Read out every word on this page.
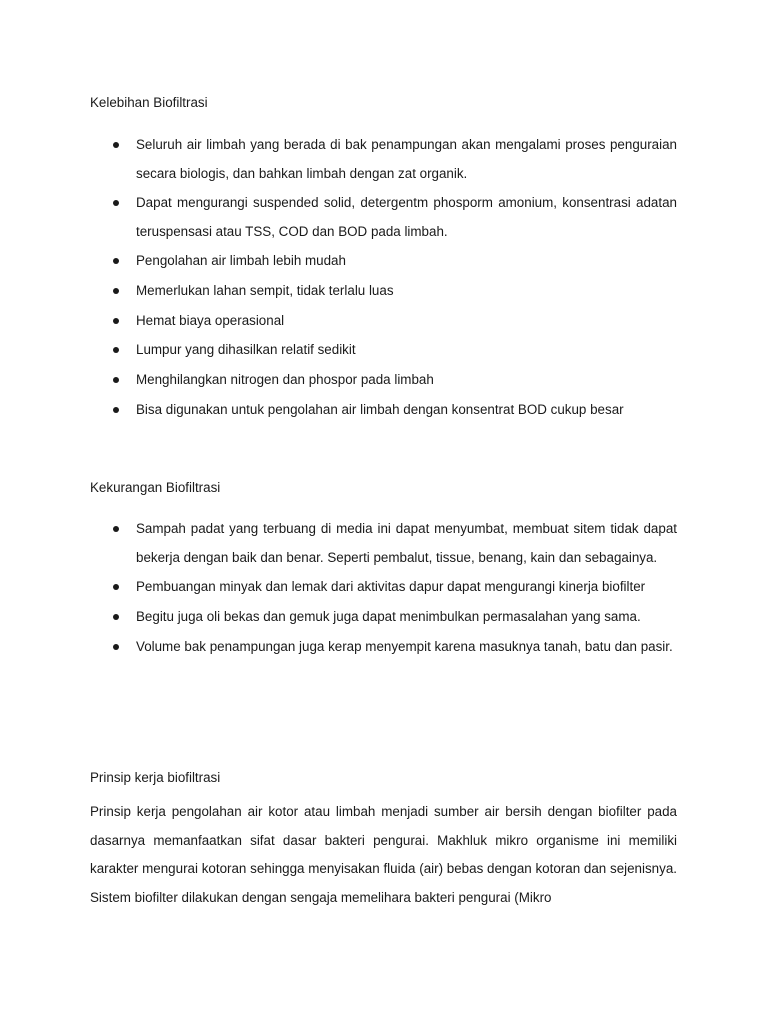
Kelebihan Biofiltrasi
Seluruh air limbah yang berada di bak penampungan akan mengalami proses penguraian secara biologis, dan bahkan limbah dengan zat organik.
Dapat mengurangi suspended solid, detergentm phosporm amonium, konsentrasi adatan teruspensasi atau TSS, COD dan BOD pada limbah.
Pengolahan air limbah lebih mudah
Memerlukan lahan sempit, tidak terlalu luas
Hemat biaya operasional
Lumpur yang dihasilkan relatif sedikit
Menghilangkan nitrogen dan phospor pada limbah
Bisa digunakan untuk pengolahan air limbah dengan konsentrat BOD cukup besar
Kekurangan Biofiltrasi
Sampah padat yang terbuang di media ini dapat menyumbat, membuat sitem tidak dapat bekerja dengan baik dan benar. Seperti pembalut, tissue, benang, kain dan sebagainya.
Pembuangan minyak dan lemak dari aktivitas dapur dapat mengurangi kinerja biofilter
Begitu juga oli bekas dan gemuk juga dapat menimbulkan permasalahan yang sama.
Volume bak penampungan juga kerap menyempit karena masuknya tanah, batu dan pasir.
Prinsip kerja biofiltrasi

Prinsip kerja pengolahan air kotor atau limbah menjadi sumber air bersih dengan biofilter pada dasarnya memanfaatkan sifat dasar bakteri pengurai. Makhluk mikro organisme ini memiliki karakter mengurai kotoran sehingga menyisakan fluida (air) bebas dengan kotoran dan sejenisnya. Sistem biofilter dilakukan dengan sengaja memelihara bakteri pengurai (Mikro
